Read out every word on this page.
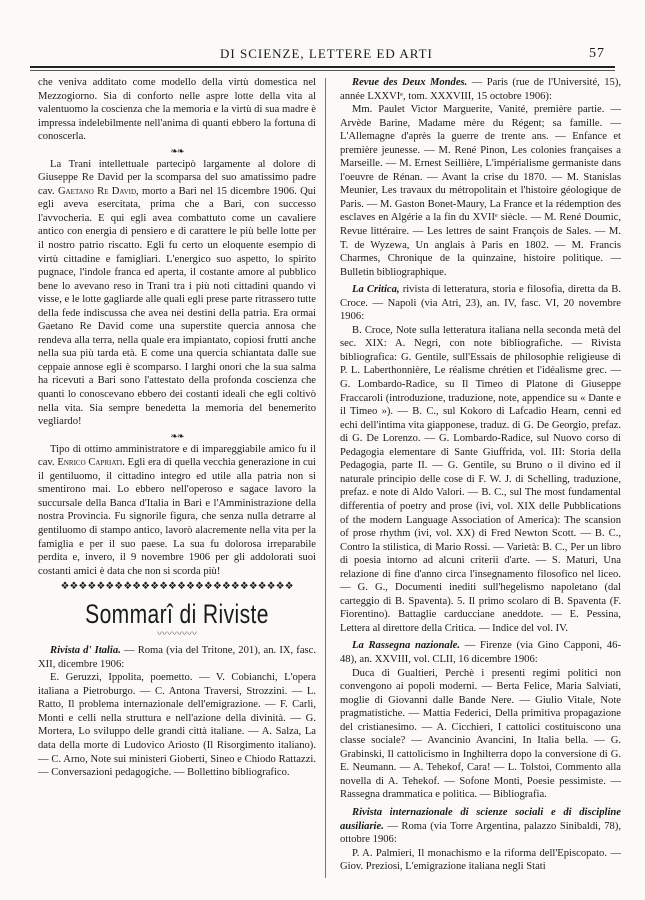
DI SCIENZE, LETTERE ED ARTI	57

che veniva additato come modello della virtù domestica nel Mezzogiorno. Sia di conforto nelle aspre lotte della vita al valentuomo la coscienza che la memoria e la virtù di sua madre è impressa indelebilmente nell'anima di quanti ebbero la fortuna di conoscerla.

❧❧

La Trani intellettuale partecipò largamente al dolore di Giuseppe Re David per la scomparsa del suo amatissimo padre cav. Gaetano Re David, morto a Bari nel 15 dicembre 1906. Qui egli aveva esercitata, prima che a Bari, con successo l'avvocheria. E qui egli avea combattuto come un cavaliere antico con energia di pensiero e di carattere le più belle lotte per il nostro patrio riscatto. Egli fu certo un eloquente esempio di virtù cittadine e famigliari. L'energico suo aspetto, lo spirito pugnace, l'indole franca ed aperta, il costante amore al pubblico bene lo avevano reso in Trani tra i più noti cittadini quando vi visse, e le lotte gagliarde alle quali egli prese parte ritrassero tutte della fede indiscussa che avea nei destini della patria. Era ormai Gaetano Re David come una superstite quercia annosa che rendeva alla terra, nella quale era impiantato, copiosi frutti anche nella sua più tarda età. E come una quercia schiantata dalle sue ceppaie annose egli è scomparso. I larghi onori che la sua salma ha ricevuti a Bari sono l'attestato della profonda coscienza che quanti lo conoscevano ebbero dei costanti ideali che egli coltivò nella vita. Sia sempre benedetta la memoria del benemerito vegliardo!

❧❧

Tipo di ottimo amministratore e di impareggiabile amico fu il cav. Enrico Capriati. Egli era di quella vecchia generazione in cui il gentiluomo, il cittadino integro ed utile alla patria non si smentirono mai. Lo ebbero nell'operoso e sagace lavoro la succursale della Banca d'Italia in Bari e l'Amministrazione della nostra Provincia. Fu signorile figura, che senza nulla detrarre al gentiluomo di stampo antico, lavorò alacremente nella vita per la famiglia e per il suo paese. La sua fu dolorosa irreparabile perdita e, invero, il 9 novembre 1906 per gli addolorati suoi costanti amici è data che non si scorda più!

❖❖❖❖❖❖❖❖❖❖❖❖❖❖❖❖❖❖❖❖❖❖❖❖❖❖
Sommarî di Riviste
〰〰〰〰

Rivista d' Italia. — Roma (via del Tritone, 201), an. IX, fasc. XII, dicembre 1906:

E. Geruzzi, Ippolita, poemetto. — V. Cobianchi, L'opera italiana a Pietroburgo. — C. Antona Traversi, Strozzini. — L. Ratto, Il problema internazionale dell'emigrazione. — F. Carli, Monti e celli nella struttura e nell'azione della divinità. — G. Mortera, Lo sviluppo delle grandi città italiane. — A. Salza, La data della morte di Ludovico Ariosto (Il Risorgimento italiano). — C. Arno, Note sui ministeri Gioberti, Sineo e Chiodo Rattazzi. — Conversazioni pedagogiche. — Bollettino bibliografico.

Revue des Deux Mondes. — Paris (rue de l'Université, 15), année LXXVIᵉ, tom. XXXVIII, 15 octobre 1906):

Mm. Paulet Victor Marguerite, Vanité, première partie. — Arvède Barine, Madame mère du Régent; sa famille. — L'Allemagne d'après la guerre de trente ans. — Enfance et première jeunesse. — M. René Pinon, Les colonies françaises a Marseille. — M. Ernest Seillière, L'impérialisme germaniste dans l'oeuvre de Rénan. — Avant la crise du 1870. — M. Stanislas Meunier, Les travaux du métropolitain et l'histoire géologique de Paris. — M. Gaston Bonet-Maury, La France et la rédemption des esclaves en Algérie a la fin du XVIIᵉ siècle. — M. René Doumic, Revue littéraire. — Les lettres de saint François de Sales. — M. T. de Wyzewa, Un anglais à Paris en 1802. — M. Francis Charmes, Chronique de la quinzaine, histoire politique. — Bulletin bibliographique.

La Critica, rivista di letteratura, storia e filosofia, diretta da B. Croce. — Napoli (via Atri, 23), an. IV, fasc. VI, 20 novembre 1906:

B. Croce, Note sulla letteratura italiana nella seconda metà del sec. XIX: A. Negri, con note bibliografiche. — Rivista bibliografica: G. Gentile, sull'Essais de philosophie religieuse di P. L. Laberthonnière, Le réalisme chrétien et l'idéalisme grec. — G. Lombardo-Radice, su Il Timeo di Platone di Giuseppe Fraccaroli (introduzione, traduzione, note, appendice su « Dante e il Timeo »). — B. C., sul Kokoro di Lafcadio Hearn, cenni ed echi dell'intima vita giapponese, traduz. di G. De Georgio, prefaz. di G. De Lorenzo. — G. Lombardo-Radice, sul Nuovo corso di Pedagogia elementare di Sante Giuffrida, vol. III: Storia della Pedagogia, parte II. — G. Gentile, su Bruno o il divino ed il naturale principio delle cose di F. W. J. di Schelling, traduzione, prefaz. e note di Aldo Valori. — B. C., sul The most fundamental differentia of poetry and prose (ivi, vol. XIX delle Pubblications of the modern Language Association of America): The scansion of prose rhythm (ivi, vol. XX) di Fred Newton Scott. — B. C., Contro la stilistica, di Mario Rossi. — Varietà: B. C., Per un libro di poesia intorno ad alcuni criterii d'arte. — S. Maturi, Una relazione di fine d'anno circa l'insegnamento filosofico nel liceo. — G. G., Documenti inediti sull'hegelismo napoletano (dal carteggio di B. Spaventa). 5. Il primo scolaro di B. Spaventa (F. Fiorentino). Battaglie carducciane aneddote. — E. Pessina, Lettera al direttore della Critica. — Indice del vol. IV.

La Rassegna nazionale. — Firenze (via Gino Capponi, 46-48), an. XXVIII, vol. CLII, 16 dicembre 1906:

Duca di Gualtieri, Perchè i presenti regimi politici non convengono ai popoli moderni. — Berta Felice, Maria Salviati, moglie di Giovanni dalle Bande Nere. — Giulio Vitale, Note pragmatistiche. — Mattia Federici, Della primitiva propagazione del cristianesimo. — A. Cicchieri, I cattolici costituiscono una classe sociale? — Avancinio Avancini, In Italia bella. — G. Grabinski, Il cattolicismo in Inghilterra dopo la conversione di G. E. Neumann. — A. Tehekof, Cara! — L. Tolstoi, Commento alla novella di A. Tehekof. — Sofone Monti, Poesie pessimiste. — Rassegna drammatica e politica. — Bibliografia.

Rivista internazionale di scienze sociali e di discipline ausiliarie. — Roma (via Torre Argentina, palazzo Sinibaldi, 78), ottobre 1906:

P. A. Palmieri, Il monachismo e la riforma dell'Episcopato. — Giov. Preziosi, L'emigrazione italiana negli Stati
